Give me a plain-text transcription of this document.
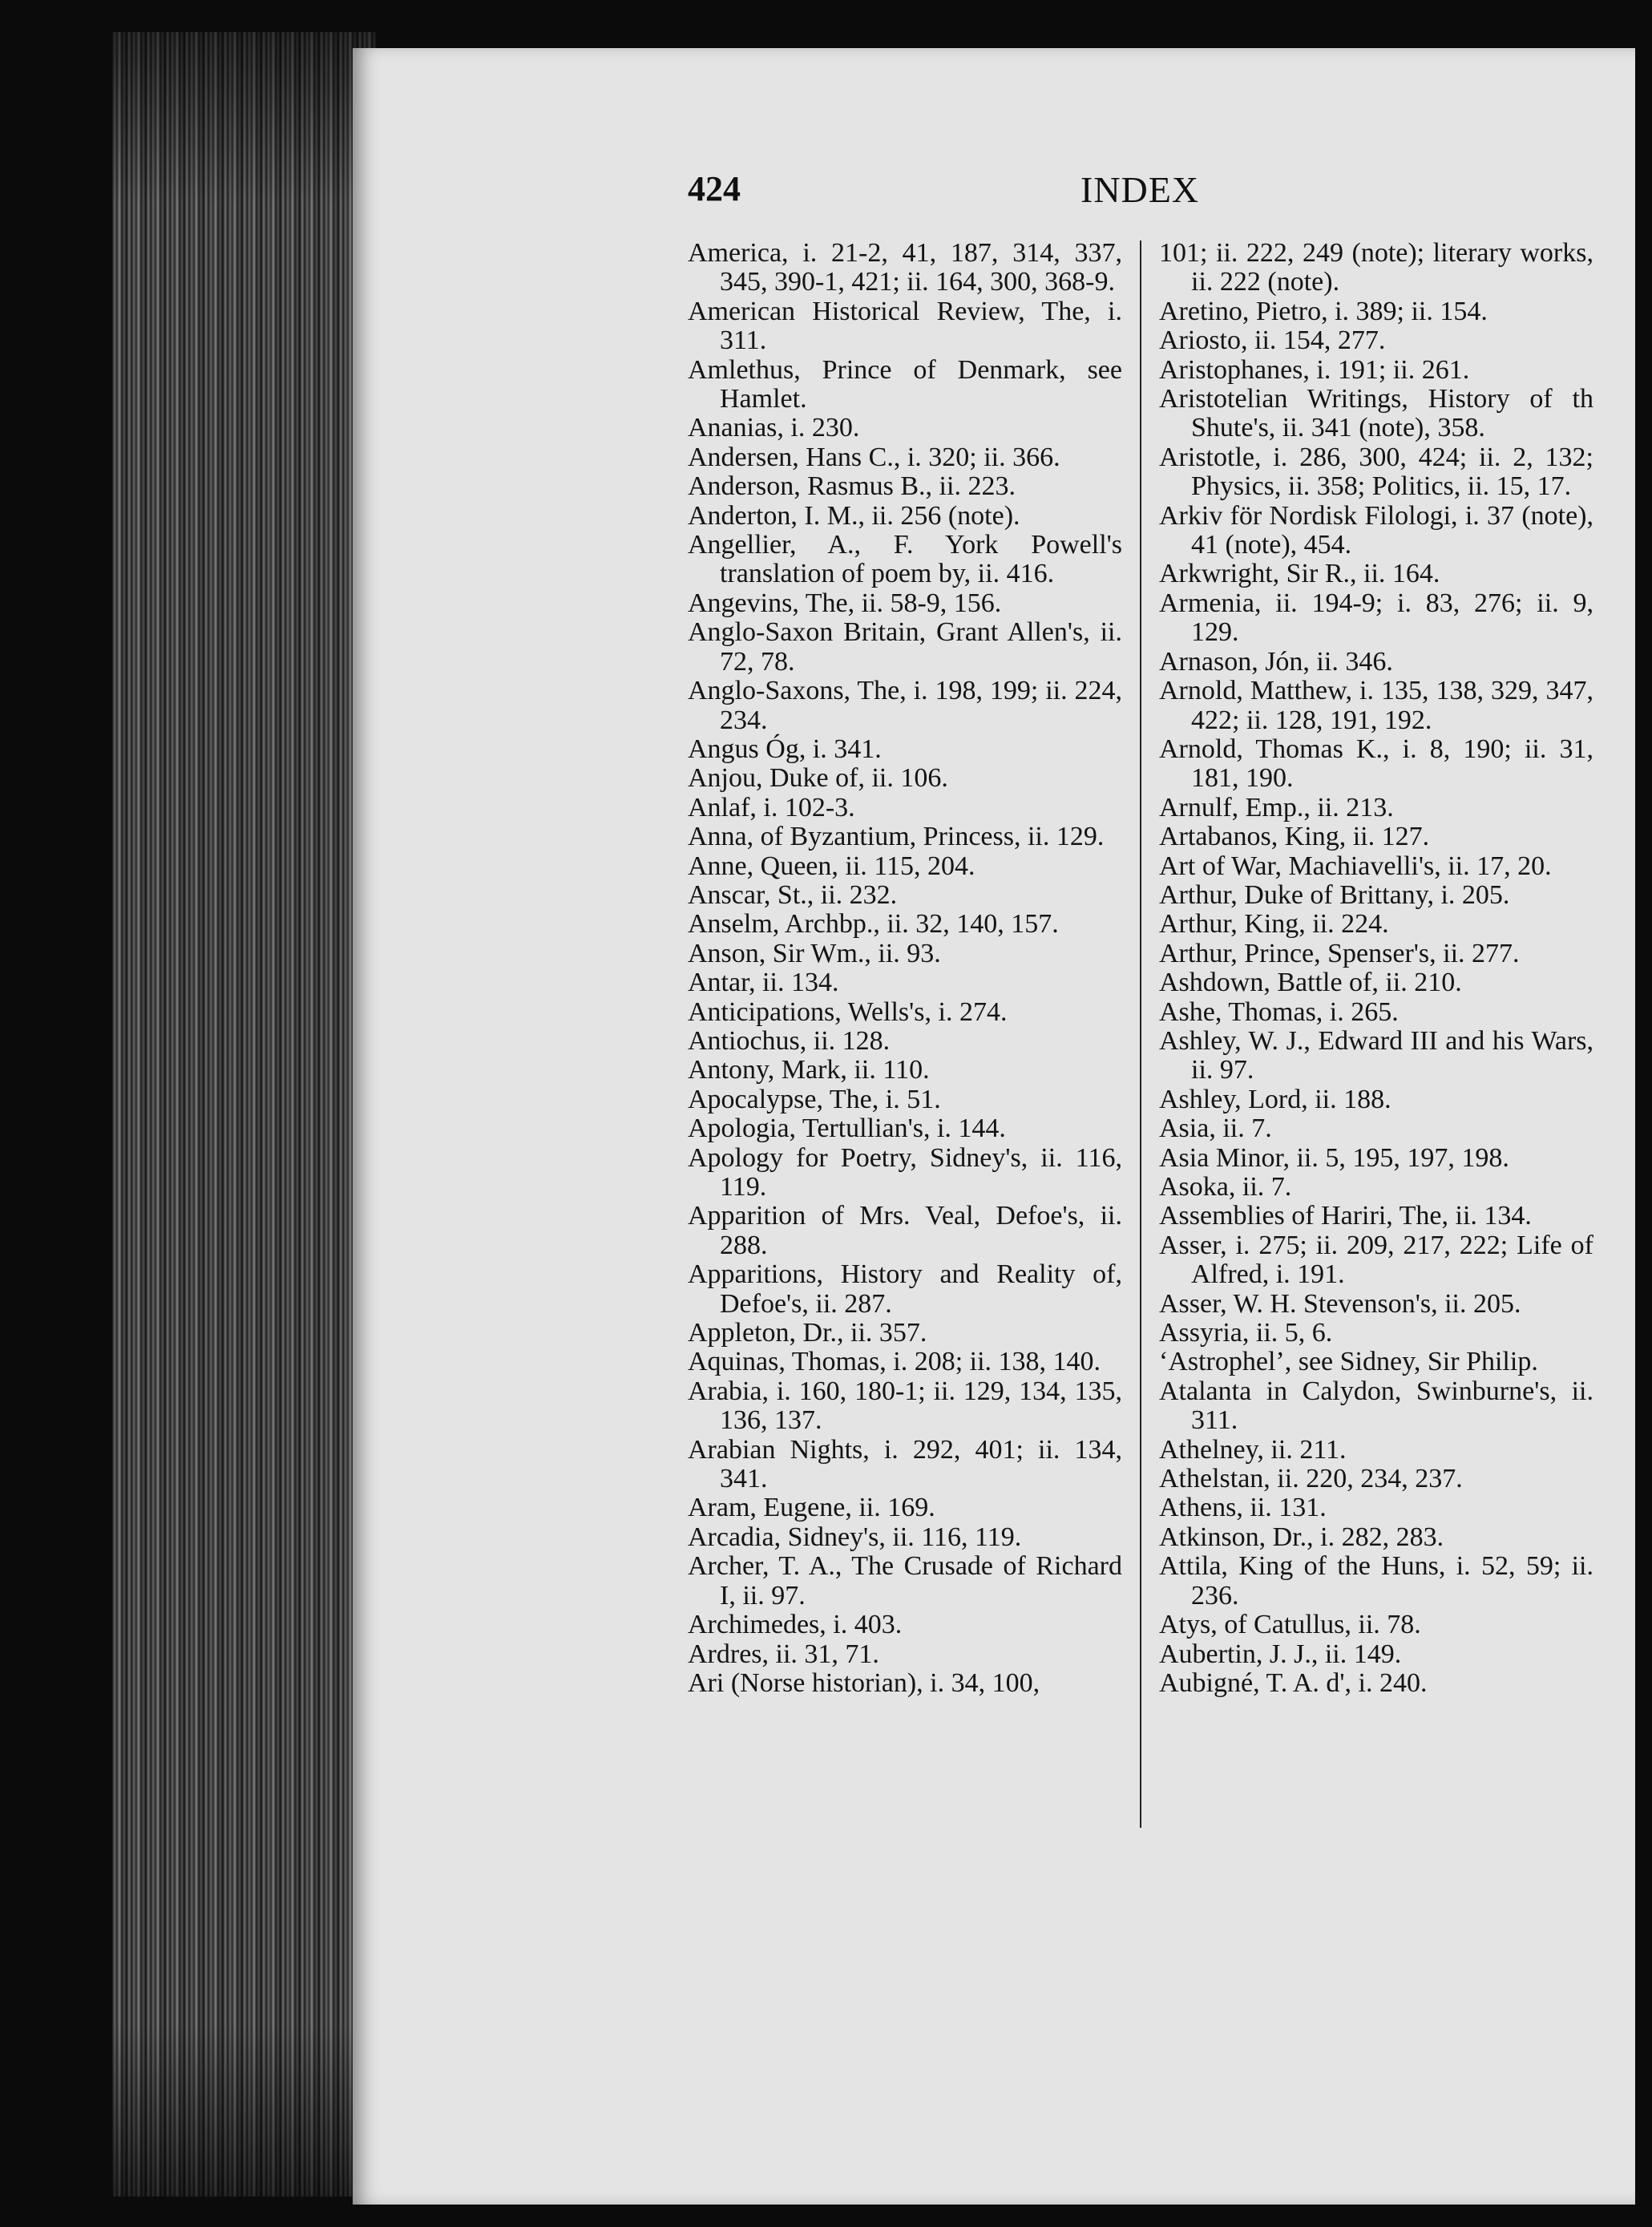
424	INDEX

America, i. 21-2, 41, 187, 314, 337, 345, 390-1, 421; ii. 164, 300, 368-9.

American Historical Review, The, i. 311.

Amlethus, Prince of Denmark, see Hamlet.

Ananias, i. 230.

Andersen, Hans C., i. 320; ii. 366.

Anderson, Rasmus B., ii. 223.

Anderton, I. M., ii. 256 (note).

Angellier, A., F. York Powell's translation of poem by, ii. 416.

Angevins, The, ii. 58-9, 156.

Anglo-Saxon Britain, Grant Allen's, ii. 72, 78.

Anglo-Saxons, The, i. 198, 199; ii. 224, 234.

Angus Óg, i. 341.

Anjou, Duke of, ii. 106.

Anlaf, i. 102-3.

Anna, of Byzantium, Princess, ii. 129.

Anne, Queen, ii. 115, 204.

Anscar, St., ii. 232.

Anselm, Archbp., ii. 32, 140, 157.

Anson, Sir Wm., ii. 93.

Antar, ii. 134.

Anticipations, Wells's, i. 274.

Antiochus, ii. 128.

Antony, Mark, ii. 110.

Apocalypse, The, i. 51.

Apologia, Tertullian's, i. 144.

Apology for Poetry, Sidney's, ii. 116, 119.

Apparition of Mrs. Veal, Defoe's, ii. 288.

Apparitions, History and Reality of, Defoe's, ii. 287.

Appleton, Dr., ii. 357.

Aquinas, Thomas, i. 208; ii. 138, 140.

Arabia, i. 160, 180-1; ii. 129, 134, 135, 136, 137.

Arabian Nights, i. 292, 401; ii. 134, 341.

Aram, Eugene, ii. 169.

Arcadia, Sidney's, ii. 116, 119.

Archer, T. A., The Crusade of Richard I, ii. 97.

Archimedes, i. 403.

Ardres, ii. 31, 71.

Ari (Norse historian), i. 34, 100,

101; ii. 222, 249 (note); literary works, ii. 222 (note).

Aretino, Pietro, i. 389; ii. 154.

Ariosto, ii. 154, 277.

Aristophanes, i. 191; ii. 261.

Aristotelian Writings, History of th Shute's, ii. 341 (note), 358.

Aristotle, i. 286, 300, 424; ii. 2, 132; Physics, ii. 358; Politics, ii. 15, 17.

Arkiv för Nordisk Filologi, i. 37 (note), 41 (note), 454.

Arkwright, Sir R., ii. 164.

Armenia, ii. 194-9; i. 83, 276; ii. 9, 129.

Arnason, Jón, ii. 346.

Arnold, Matthew, i. 135, 138, 329, 347, 422; ii. 128, 191, 192.

Arnold, Thomas K., i. 8, 190; ii. 31, 181, 190.

Arnulf, Emp., ii. 213.

Artabanos, King, ii. 127.

Art of War, Machiavelli's, ii. 17, 20.

Arthur, Duke of Brittany, i. 205.

Arthur, King, ii. 224.

Arthur, Prince, Spenser's, ii. 277.

Ashdown, Battle of, ii. 210.

Ashe, Thomas, i. 265.

Ashley, W. J., Edward III and his Wars, ii. 97.

Ashley, Lord, ii. 188.

Asia, ii. 7.

Asia Minor, ii. 5, 195, 197, 198.

Asoka, ii. 7.

Assemblies of Hariri, The, ii. 134.

Asser, i. 275; ii. 209, 217, 222; Life of Alfred, i. 191.

Asser, W. H. Stevenson's, ii. 205.

Assyria, ii. 5, 6.

‘Astrophel’, see Sidney, Sir Philip.

Atalanta in Calydon, Swinburne's, ii. 311.

Athelney, ii. 211.

Athelstan, ii. 220, 234, 237.

Athens, ii. 131.

Atkinson, Dr., i. 282, 283.

Attila, King of the Huns, i. 52, 59; ii. 236.

Atys, of Catullus, ii. 78.

Aubertin, J. J., ii. 149.

Aubigné, T. A. d', i. 240.
